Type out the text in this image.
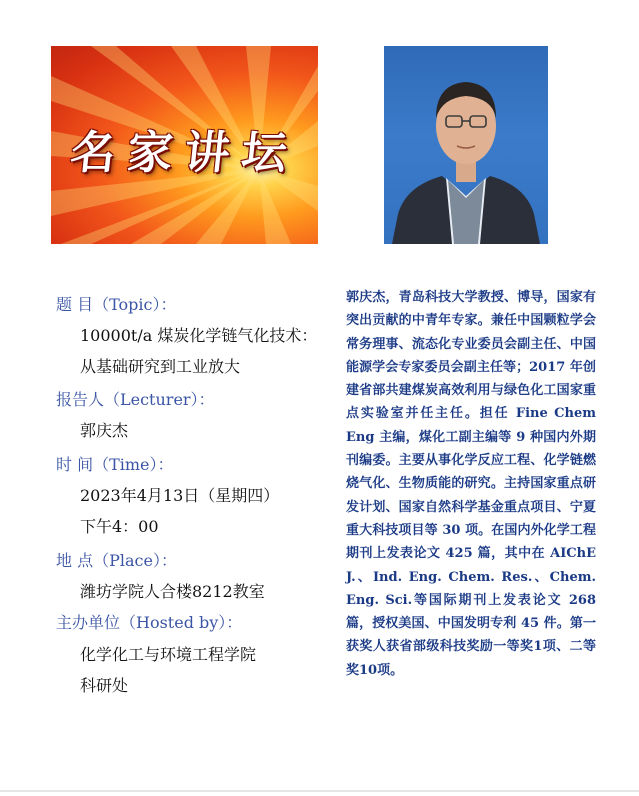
名家讲坛
题 目（Topic）：
10000t/a 煤炭化学链气化技术：
从基础研究到工业放大
报告人（Lecturer）：
郭庆杰
时 间（Time）：
2023年4月13日（星期四）
下午4：00
地 点（Place）：
潍坊学院人合楼8212教室
主办单位（Hosted by）：
化学化工与环境工程学院
科研处
郭庆杰，青岛科技大学教授、博导，国家有突出贡献的中青年专家。兼任中国颗粒学会常务理事、流态化专业委员会副主任、中国能源学会专家委员会副主任等；2017 年创建省部共建煤炭高效利用与绿色化工国家重点实验室并任主任。担任 Fine Chem Eng 主编，煤化工副主编等 9 种国内外期刊编委。主要从事化学反应工程、化学链燃烧气化、生物质能的研究。主持国家重点研发计划、国家自然科学基金重点项目、宁夏重大科技项目等 30 项。在国内外化学工程期刊上发表论文 425 篇，其中在 AIChE J.、Ind. Eng. Chem. Res.、Chem. Eng. Sci.等国际期刊上发表论文 268 篇，授权美国、中国发明专利 45 件。第一获奖人获省部级科技奖励一等奖1项、二等奖10项。
